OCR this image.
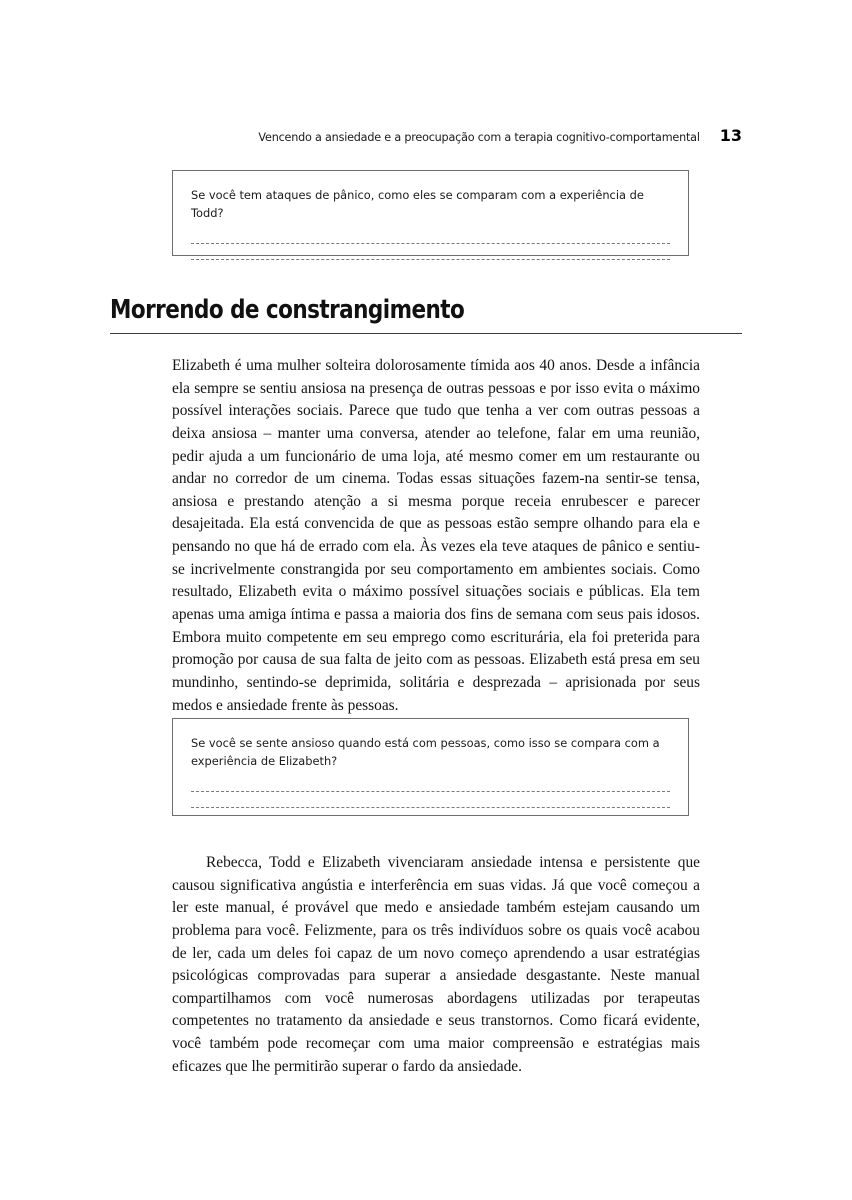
Vencendo a ansiedade e a preocupação com a terapia cognitivo-comportamental 13

Se você tem ataques de pânico, como eles se comparam com a experiência de Todd?

Morrendo de constrangimento

Elizabeth é uma mulher solteira dolorosamente tímida aos 40 anos. Desde a infância ela sempre se sentiu ansiosa na presença de outras pessoas e por isso evita o máximo possível interações sociais. Parece que tudo que tenha a ver com outras pessoas a deixa ansiosa – manter uma conversa, atender ao telefone, falar em uma reunião, pedir ajuda a um funcionário de uma loja, até mesmo comer em um restaurante ou andar no corredor de um cinema. Todas essas situações fazem-na sentir-se tensa, ansiosa e prestando atenção a si mesma porque receia enrubescer e parecer desajeitada. Ela está convencida de que as pessoas estão sempre olhando para ela e pensando no que há de errado com ela. Às vezes ela teve ataques de pânico e sentiu-se incrivelmente constrangida por seu comportamento em ambientes sociais. Como resultado, Elizabeth evita o máximo possível situações sociais e públicas. Ela tem apenas uma amiga íntima e passa a maioria dos fins de semana com seus pais idosos. Embora muito competente em seu emprego como escriturária, ela foi preterida para promoção por causa de sua falta de jeito com as pessoas. Elizabeth está presa em seu mundinho, sentindo-se deprimida, solitária e desprezada – aprisionada por seus medos e ansiedade frente às pessoas.

Se você se sente ansioso quando está com pessoas, como isso se compara com a experiência de Elizabeth?

Rebecca, Todd e Elizabeth vivenciaram ansiedade intensa e persistente que causou significativa angústia e interferência em suas vidas. Já que você começou a ler este manual, é provável que medo e ansiedade também estejam causando um problema para você. Felizmente, para os três indivíduos sobre os quais você acabou de ler, cada um deles foi capaz de um novo começo aprendendo a usar estratégias psicológicas comprovadas para superar a ansiedade desgastante. Neste manual compartilhamos com você numerosas abordagens utilizadas por terapeutas competentes no tratamento da ansiedade e seus transtornos. Como ficará evidente, você também pode recomeçar com uma maior compreensão e estratégias mais eficazes que lhe permitirão superar o fardo da ansiedade.
